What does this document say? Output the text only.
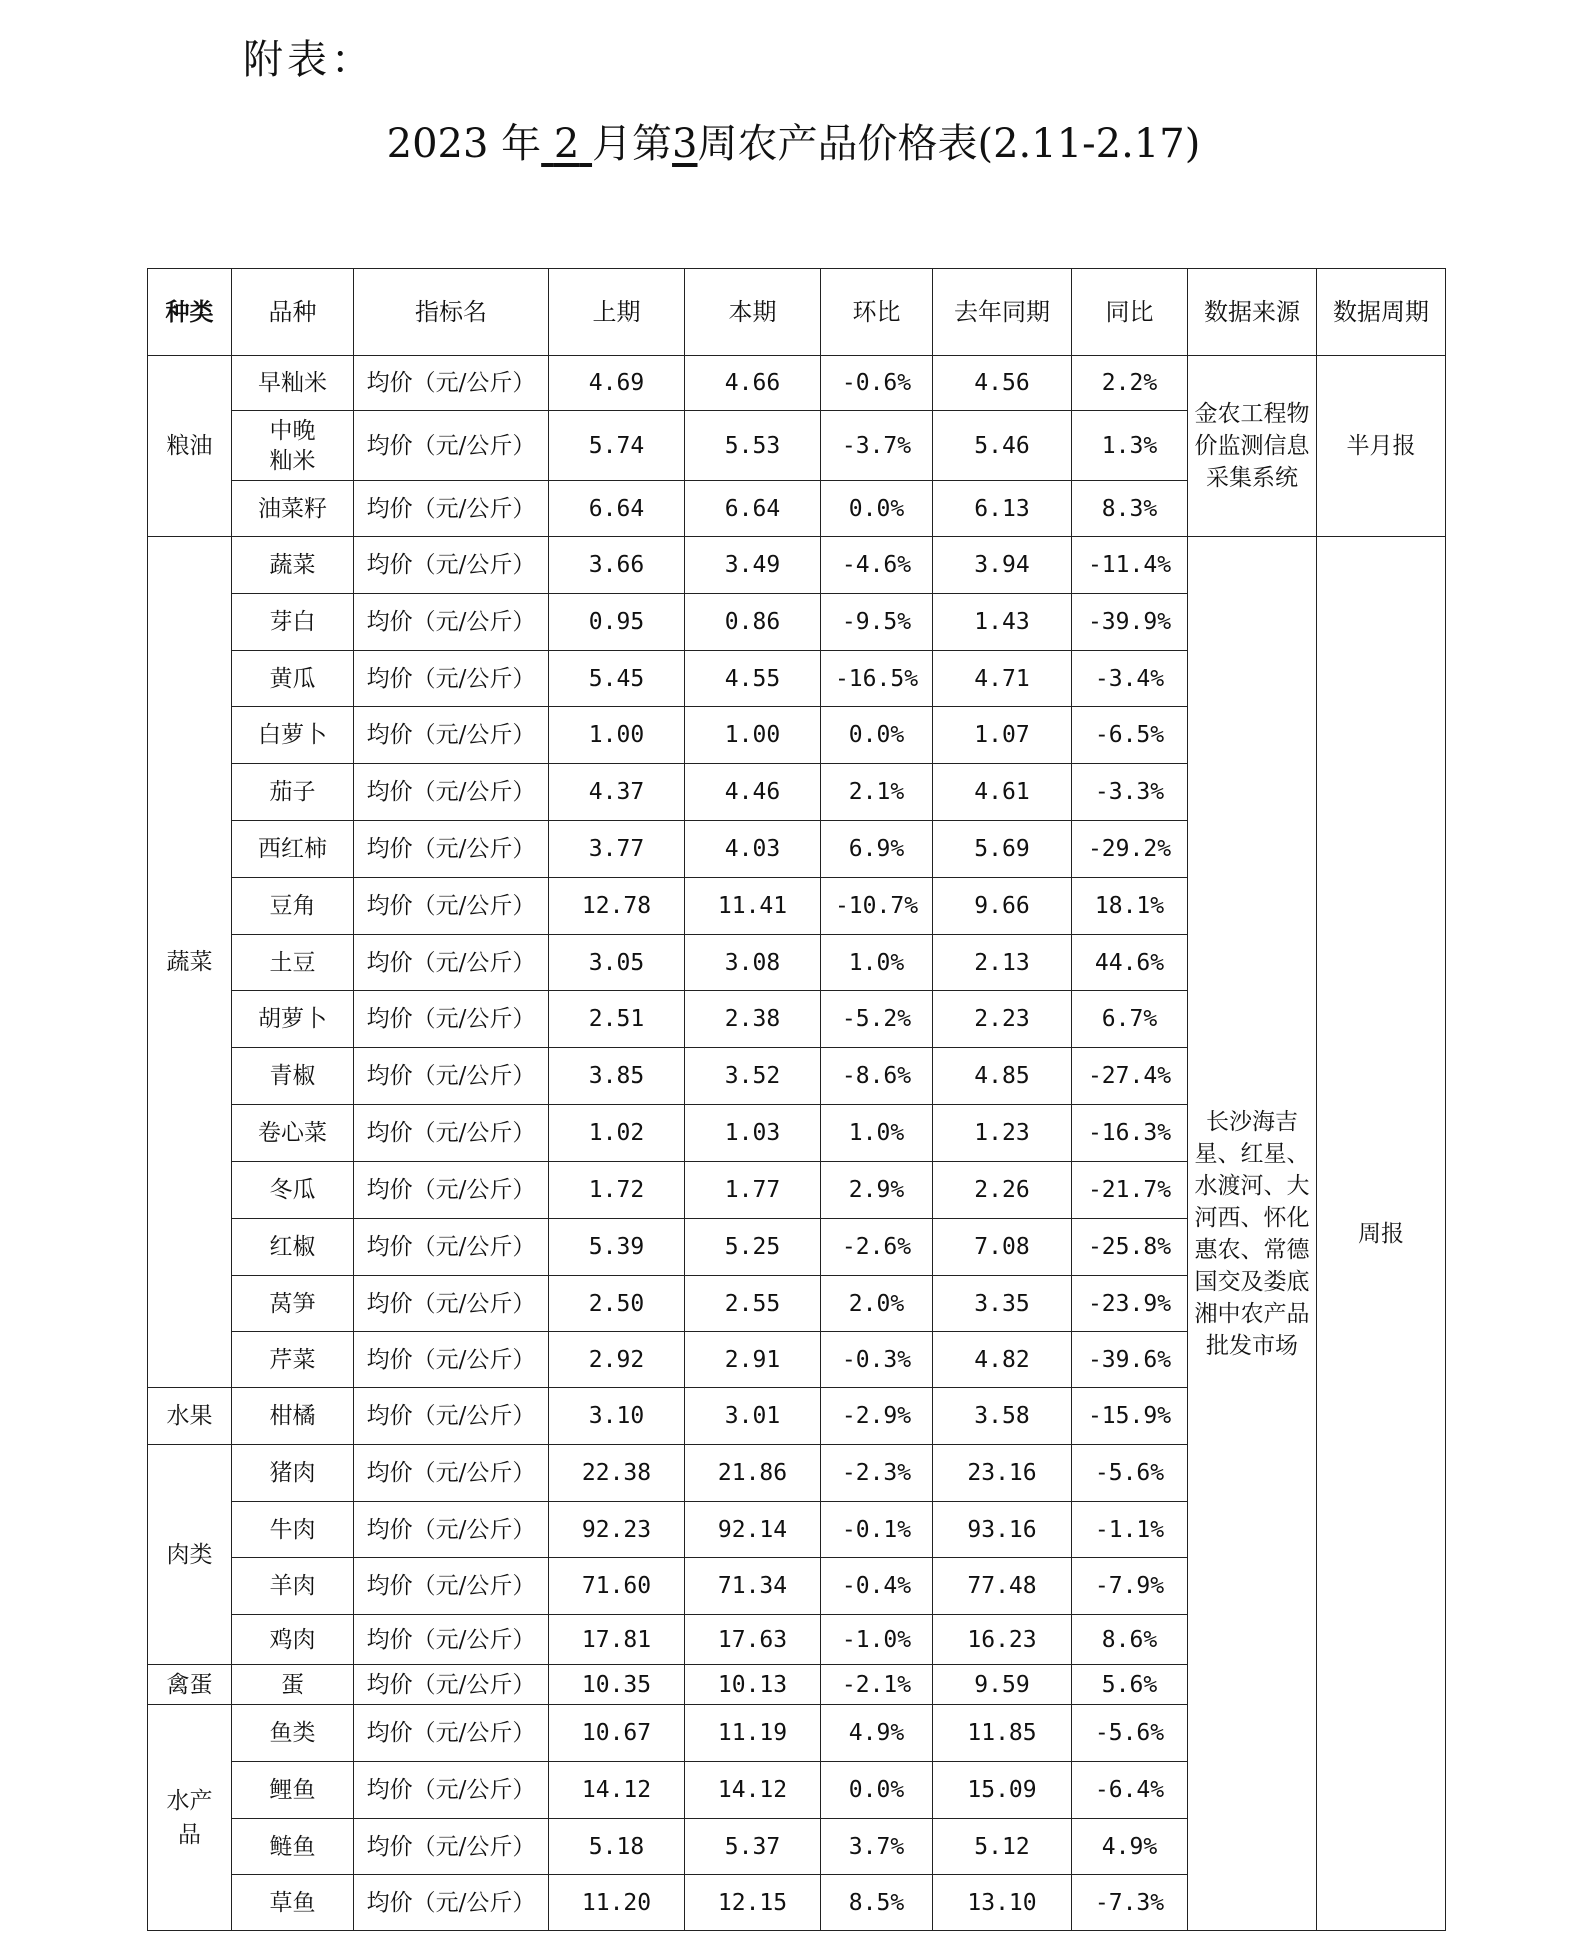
附表：
2023 年 2 月第3周农产品价格表(2.11-2.17)
种类	品种	指标名	上期	本期	环比	去年同期	同比	数据来源	数据周期
粮油	早籼米	均价（元/公斤）	4.69	4.66	-0.6%	4.56	2.2%	金农工程物价监测信息采集系统	半月报
	中晚籼米	均价（元/公斤）	5.74	5.53	-3.7%	5.46	1.3%		
	油菜籽	均价（元/公斤）	6.64	6.64	0.0%	6.13	8.3%		
蔬菜	蔬菜	均价（元/公斤）	3.66	3.49	-4.6%	3.94	-11.4%	长沙海吉星、红星、水渡河、大河西、怀化惠农、常德国交及娄底湘中农产品批发市场	周报
	芽白	均价（元/公斤）	0.95	0.86	-9.5%	1.43	-39.9%		
	黄瓜	均价（元/公斤）	5.45	4.55	-16.5%	4.71	-3.4%		
	白萝卜	均价（元/公斤）	1.00	1.00	0.0%	1.07	-6.5%		
	茄子	均价（元/公斤）	4.37	4.46	2.1%	4.61	-3.3%		
	西红柿	均价（元/公斤）	3.77	4.03	6.9%	5.69	-29.2%		
	豆角	均价（元/公斤）	12.78	11.41	-10.7%	9.66	18.1%		
	土豆	均价（元/公斤）	3.05	3.08	1.0%	2.13	44.6%		
	胡萝卜	均价（元/公斤）	2.51	2.38	-5.2%	2.23	6.7%		
	青椒	均价（元/公斤）	3.85	3.52	-8.6%	4.85	-27.4%		
	卷心菜	均价（元/公斤）	1.02	1.03	1.0%	1.23	-16.3%		
	冬瓜	均价（元/公斤）	1.72	1.77	2.9%	2.26	-21.7%		
	红椒	均价（元/公斤）	5.39	5.25	-2.6%	7.08	-25.8%		
	莴笋	均价（元/公斤）	2.50	2.55	2.0%	3.35	-23.9%		
	芹菜	均价（元/公斤）	2.92	2.91	-0.3%	4.82	-39.6%		
水果	柑橘	均价（元/公斤）	3.10	3.01	-2.9%	3.58	-15.9%		
肉类	猪肉	均价（元/公斤）	22.38	21.86	-2.3%	23.16	-5.6%		
	牛肉	均价（元/公斤）	92.23	92.14	-0.1%	93.16	-1.1%		
	羊肉	均价（元/公斤）	71.60	71.34	-0.4%	77.48	-7.9%		
	鸡肉	均价（元/公斤）	17.81	17.63	-1.0%	16.23	8.6%		
禽蛋	蛋	均价（元/公斤）	10.35	10.13	-2.1%	9.59	5.6%		
水产品	鱼类	均价（元/公斤）	10.67	11.19	4.9%	11.85	-5.6%		
	鲤鱼	均价（元/公斤）	14.12	14.12	0.0%	15.09	-6.4%		
	鲢鱼	均价（元/公斤）	5.18	5.37	3.7%	5.12	4.9%		
	草鱼	均价（元/公斤）	11.20	12.15	8.5%	13.10	-7.3%		
